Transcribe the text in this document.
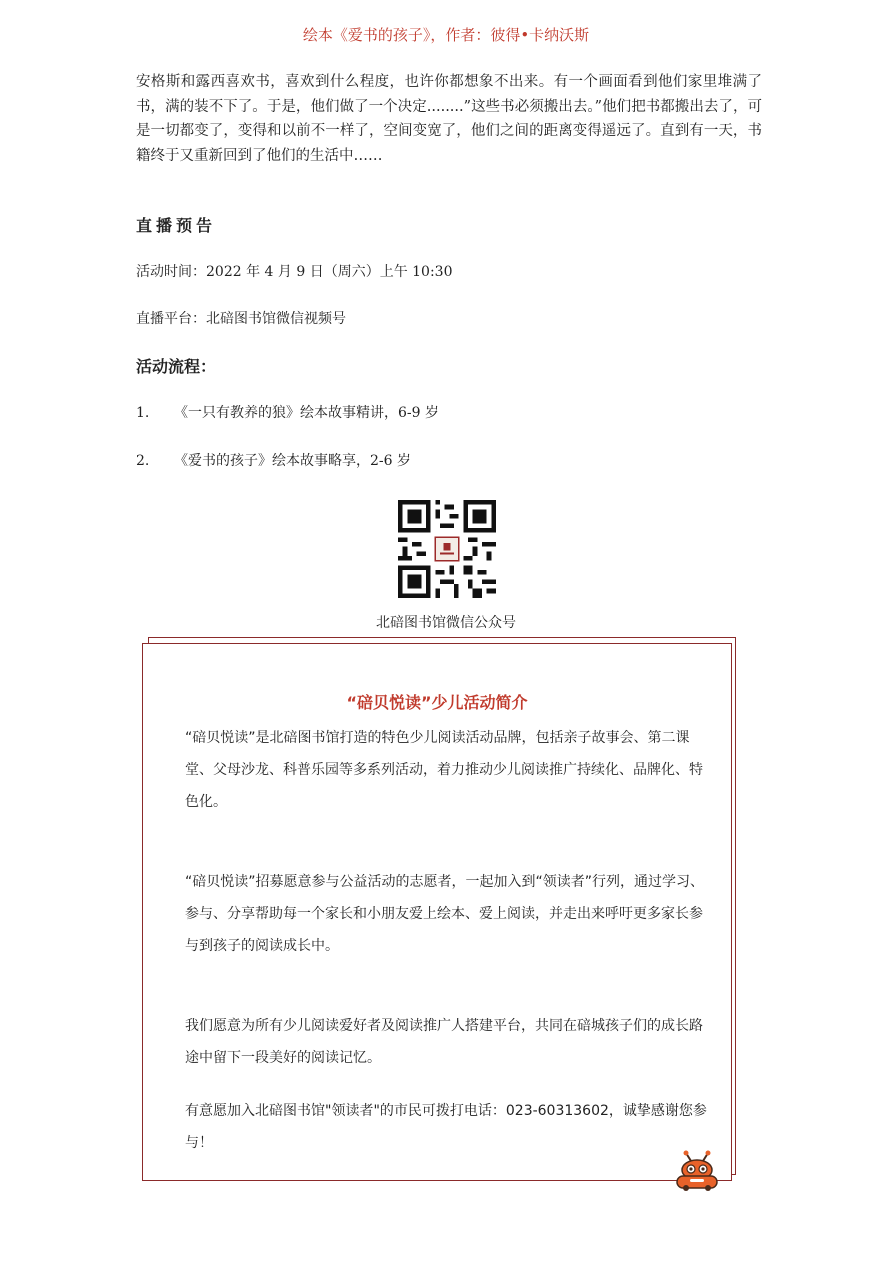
绘本《爱书的孩子》，作者：彼得•卡纳沃斯
安格斯和露西喜欢书，喜欢到什么程度，也许你都想象不出来。有一个画面看到他们家里堆满了书，满的装不下了。于是，他们做了一个决定........”这些书必须搬出去。”他们把书都搬出去了，可是一切都变了，变得和以前不一样了，空间变宽了，他们之间的距离变得遥远了。直到有一天，书籍终于又重新回到了他们的生活中……
直播预告
活动时间：2022 年 4 月 9 日（周六）上午 10:30
直播平台：北碚图书馆微信视频号
活动流程：
1. 《一只有教养的狼》绘本故事精讲，6-9 岁
2. 《爱书的孩子》绘本故事略享，2-6 岁
北碚图书馆微信公众号
“碚贝悦读”少儿活动简介
“碚贝悦读”是北碚图书馆打造的特色少儿阅读活动品牌，包括亲子故事会、第二课堂、父母沙龙、科普乐园等多系列活动，着力推动少儿阅读推广持续化、品牌化、特色化。
“碚贝悦读”招募愿意参与公益活动的志愿者，一起加入到“领读者”行列，通过学习、参与、分享帮助每一个家长和小朋友爱上绘本、爱上阅读，并走出来呼吁更多家长参与到孩子的阅读成长中。
我们愿意为所有少儿阅读爱好者及阅读推广人搭建平台，共同在碚城孩子们的成长路途中留下一段美好的阅读记忆。
有意愿加入北碚图书馆"领读者"的市民可拨打电话：023-60313602，诚挚感谢您参与！
